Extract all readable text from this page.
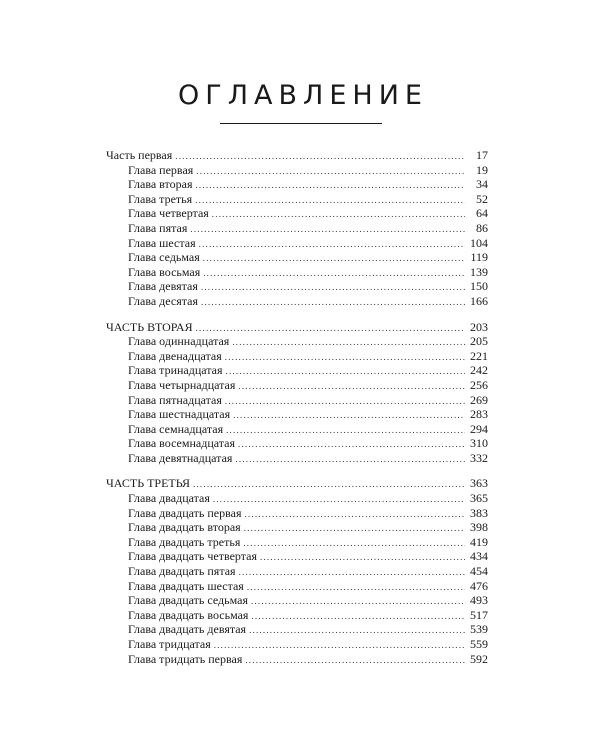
ОГЛАВЛЕНИЕ
Часть первая .....	17
Глава первая .....	19
Глава вторая .....	34
Глава третья .....	52
Глава четвертая .....	64
Глава пятая .....	86
Глава шестая .....	104
Глава седьмая .....	119
Глава восьмая .....	139
Глава девятая .....	150
Глава десятая .....	166
ЧАСТЬ ВТОРАЯ .....	203
Глава одиннадцатая .....	205
Глава двенадцатая .....	221
Глава тринадцатая .....	242
Глава четырнадцатая .....	256
Глава пятнадцатая .....	269
Глава шестнадцатая .....	283
Глава семнадцатая .....	294
Глава восемнадцатая .....	310
Глава девятнадцатая .....	332
ЧАСТЬ ТРЕТЬЯ .....	363
Глава двадцатая .....	365
Глава двадцать первая .....	383
Глава двадцать вторая .....	398
Глава двадцать третья .....	419
Глава двадцать четвертая .....	434
Глава двадцать пятая .....	454
Глава двадцать шестая .....	476
Глава двадцать седьмая .....	493
Глава двадцать восьмая .....	517
Глава двадцать девятая .....	539
Глава тридцатая .....	559
Глава тридцать первая .....	592
